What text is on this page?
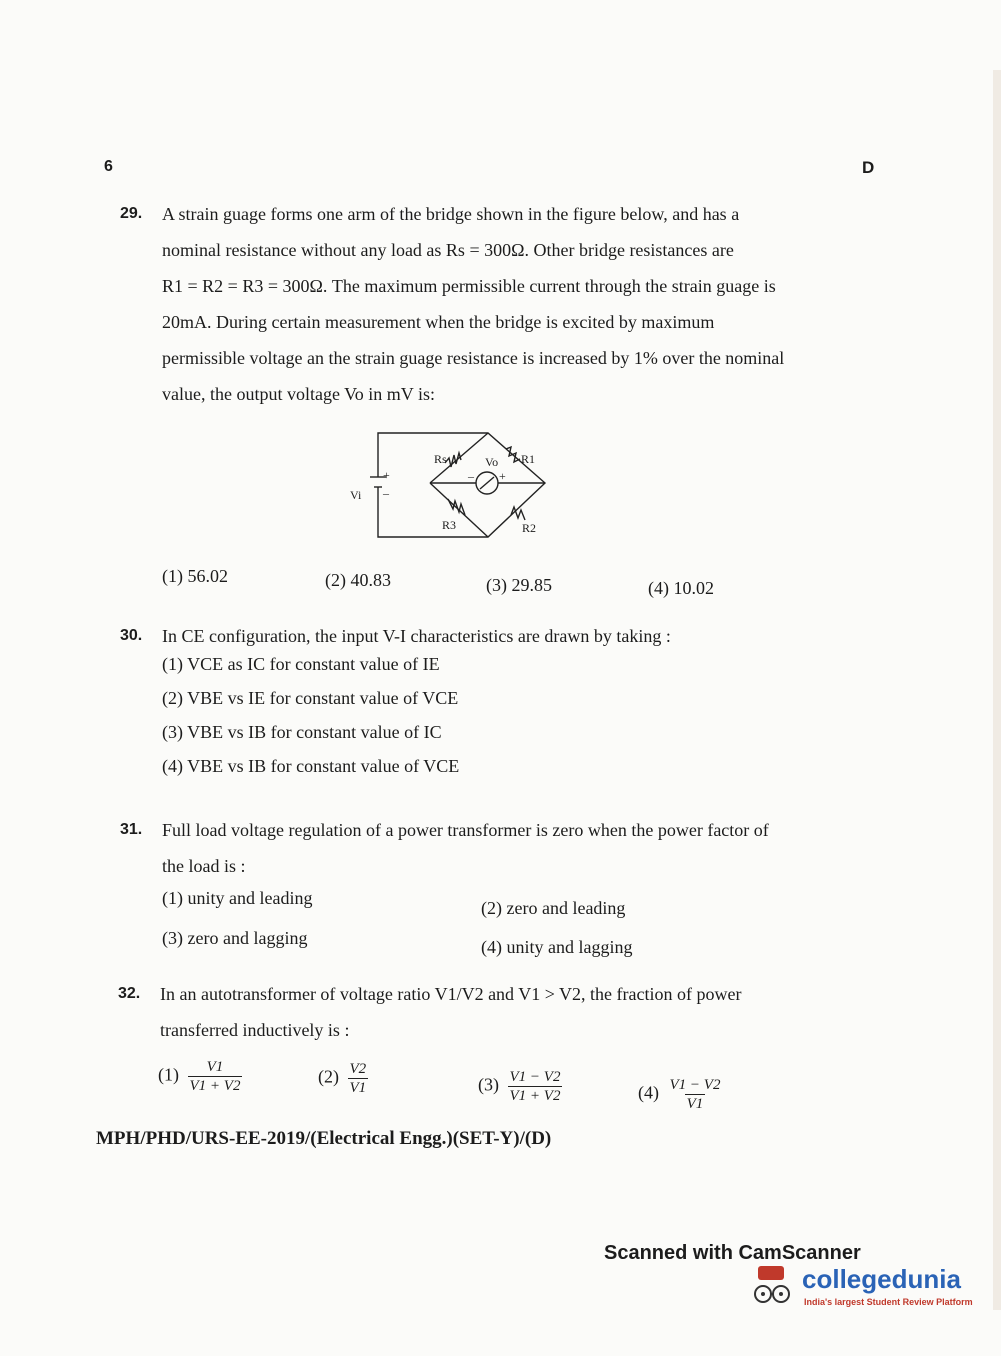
6	D
29. A strain guage forms one arm of the bridge shown in the figure below, and has a

nominal resistance without any load as Rs = 300Ω. Other bridge resistances are

R1 = R2 = R3 = 300Ω. The maximum permissible current through the strain guage is

20mA. During certain measurement when the bridge is excited by maximum

permissible voltage an the strain guage resistance is increased by 1% over the nominal

value, the output voltage Vo in mV is:

Rs	R1
R2
R3
Vo
Vi
+
–
– +
(1) 56.02	(2) 40.83	(3) 29.85	(4) 10.02
30. In CE configuration, the input V-I characteristics are drawn by taking :

(1) VCE as IC for constant value of IE
(2) VBE vs IE for constant value of VCE
(3) VBE vs IB for constant value of IC
(4) VBE vs IB for constant value of VCE
31. Full load voltage regulation of a power transformer is zero when the power factor of

the load is :

(1) unity and leading	(2) zero and leading
(3) zero and lagging	(4) unity and lagging
32. In an autotransformer of voltage ratio V1/V2 and V1 > V2, the fraction of power

transferred inductively is :

$(1) \frac{V1}{V1 + V2}$	$(2) \frac{V2}{V1}$	$(3) \frac{V1 - V2}{V1 + V2}$	$(4) \frac{V1 - V2}{V1}$
MPH/PHD/URS-EE-2019/(Electrical Engg.)(SET-Y)/(D)
Scanned with CamScanner
collegedunia
India's largest Student Review Platform
